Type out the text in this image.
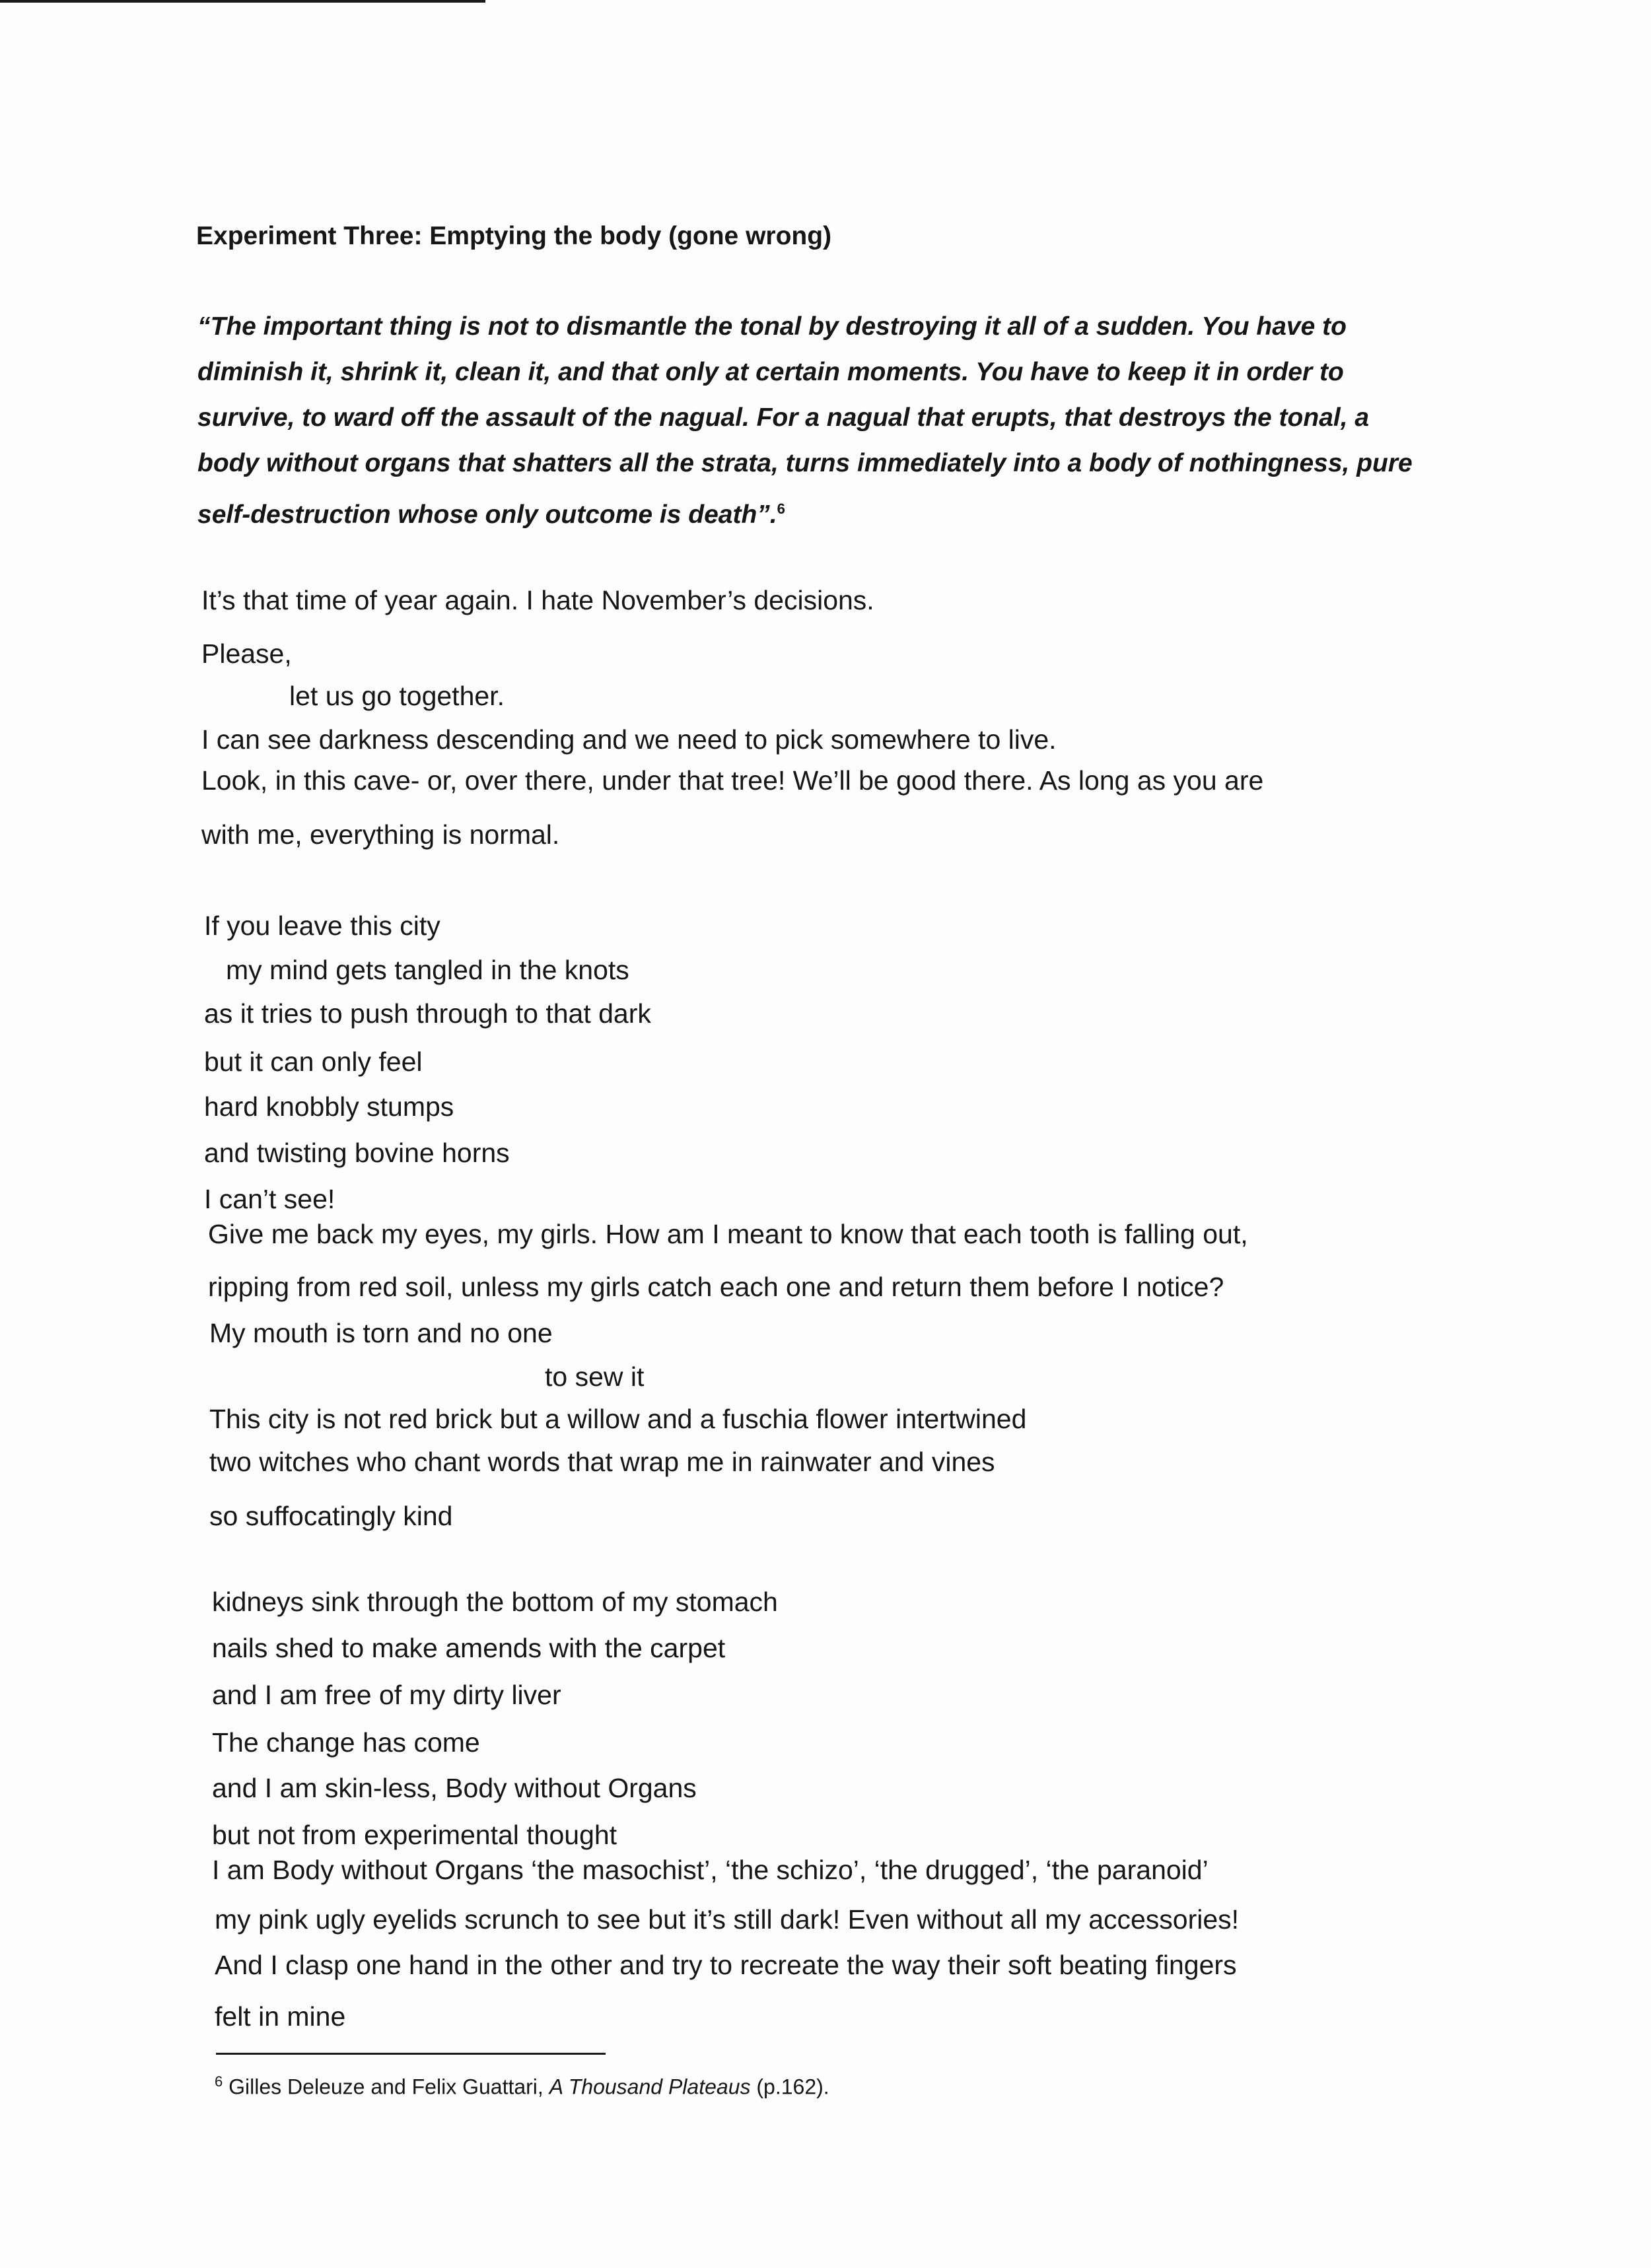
Experiment Three: Emptying the body (gone wrong)
“The important thing is not to dismantle the tonal by destroying it all of a sudden. You have to diminish it, shrink it, clean it, and that only at certain moments. You have to keep it in order to survive, to ward off the assault of the nagual. For a nagual that erupts, that destroys the tonal, a body without organs that shatters all the strata, turns immediately into a body of nothingness, pure self-destruction whose only outcome is death”.$^6$
It’s that time of year again. I hate November’s decisions.
Please,
let us go together.
I can see darkness descending and we need to pick somewhere to live.
Look, in this cave- or, over there, under that tree! We’ll be good there. As long as you are
with me, everything is normal.
If you leave this city
my mind gets tangled in the knots
as it tries to push through to that dark
but it can only feel
hard knobbly stumps
and twisting bovine horns
I can’t see!
Give me back my eyes, my girls. How am I meant to know that each tooth is falling out,
ripping from red soil, unless my girls catch each one and return them before I notice?
My mouth is torn and no one
to sew it
This city is not red brick but a willow and a fuschia flower intertwined
two witches who chant words that wrap me in rainwater and vines
so suffocatingly kind
kidneys sink through the bottom of my stomach
nails shed to make amends with the carpet
and I am free of my dirty liver
The change has come
and I am skin-less, Body without Organs
but not from experimental thought
I am Body without Organs ‘the masochist’, ‘the schizo’, ‘the drugged’, ‘the paranoid’
my pink ugly eyelids scrunch to see but it’s still dark! Even without all my accessories!
And I clasp one hand in the other and try to recreate the way their soft beating fingers
felt in mine
$^6$ Gilles Deleuze and Felix Guattari, A Thousand Plateaus (p.162).
